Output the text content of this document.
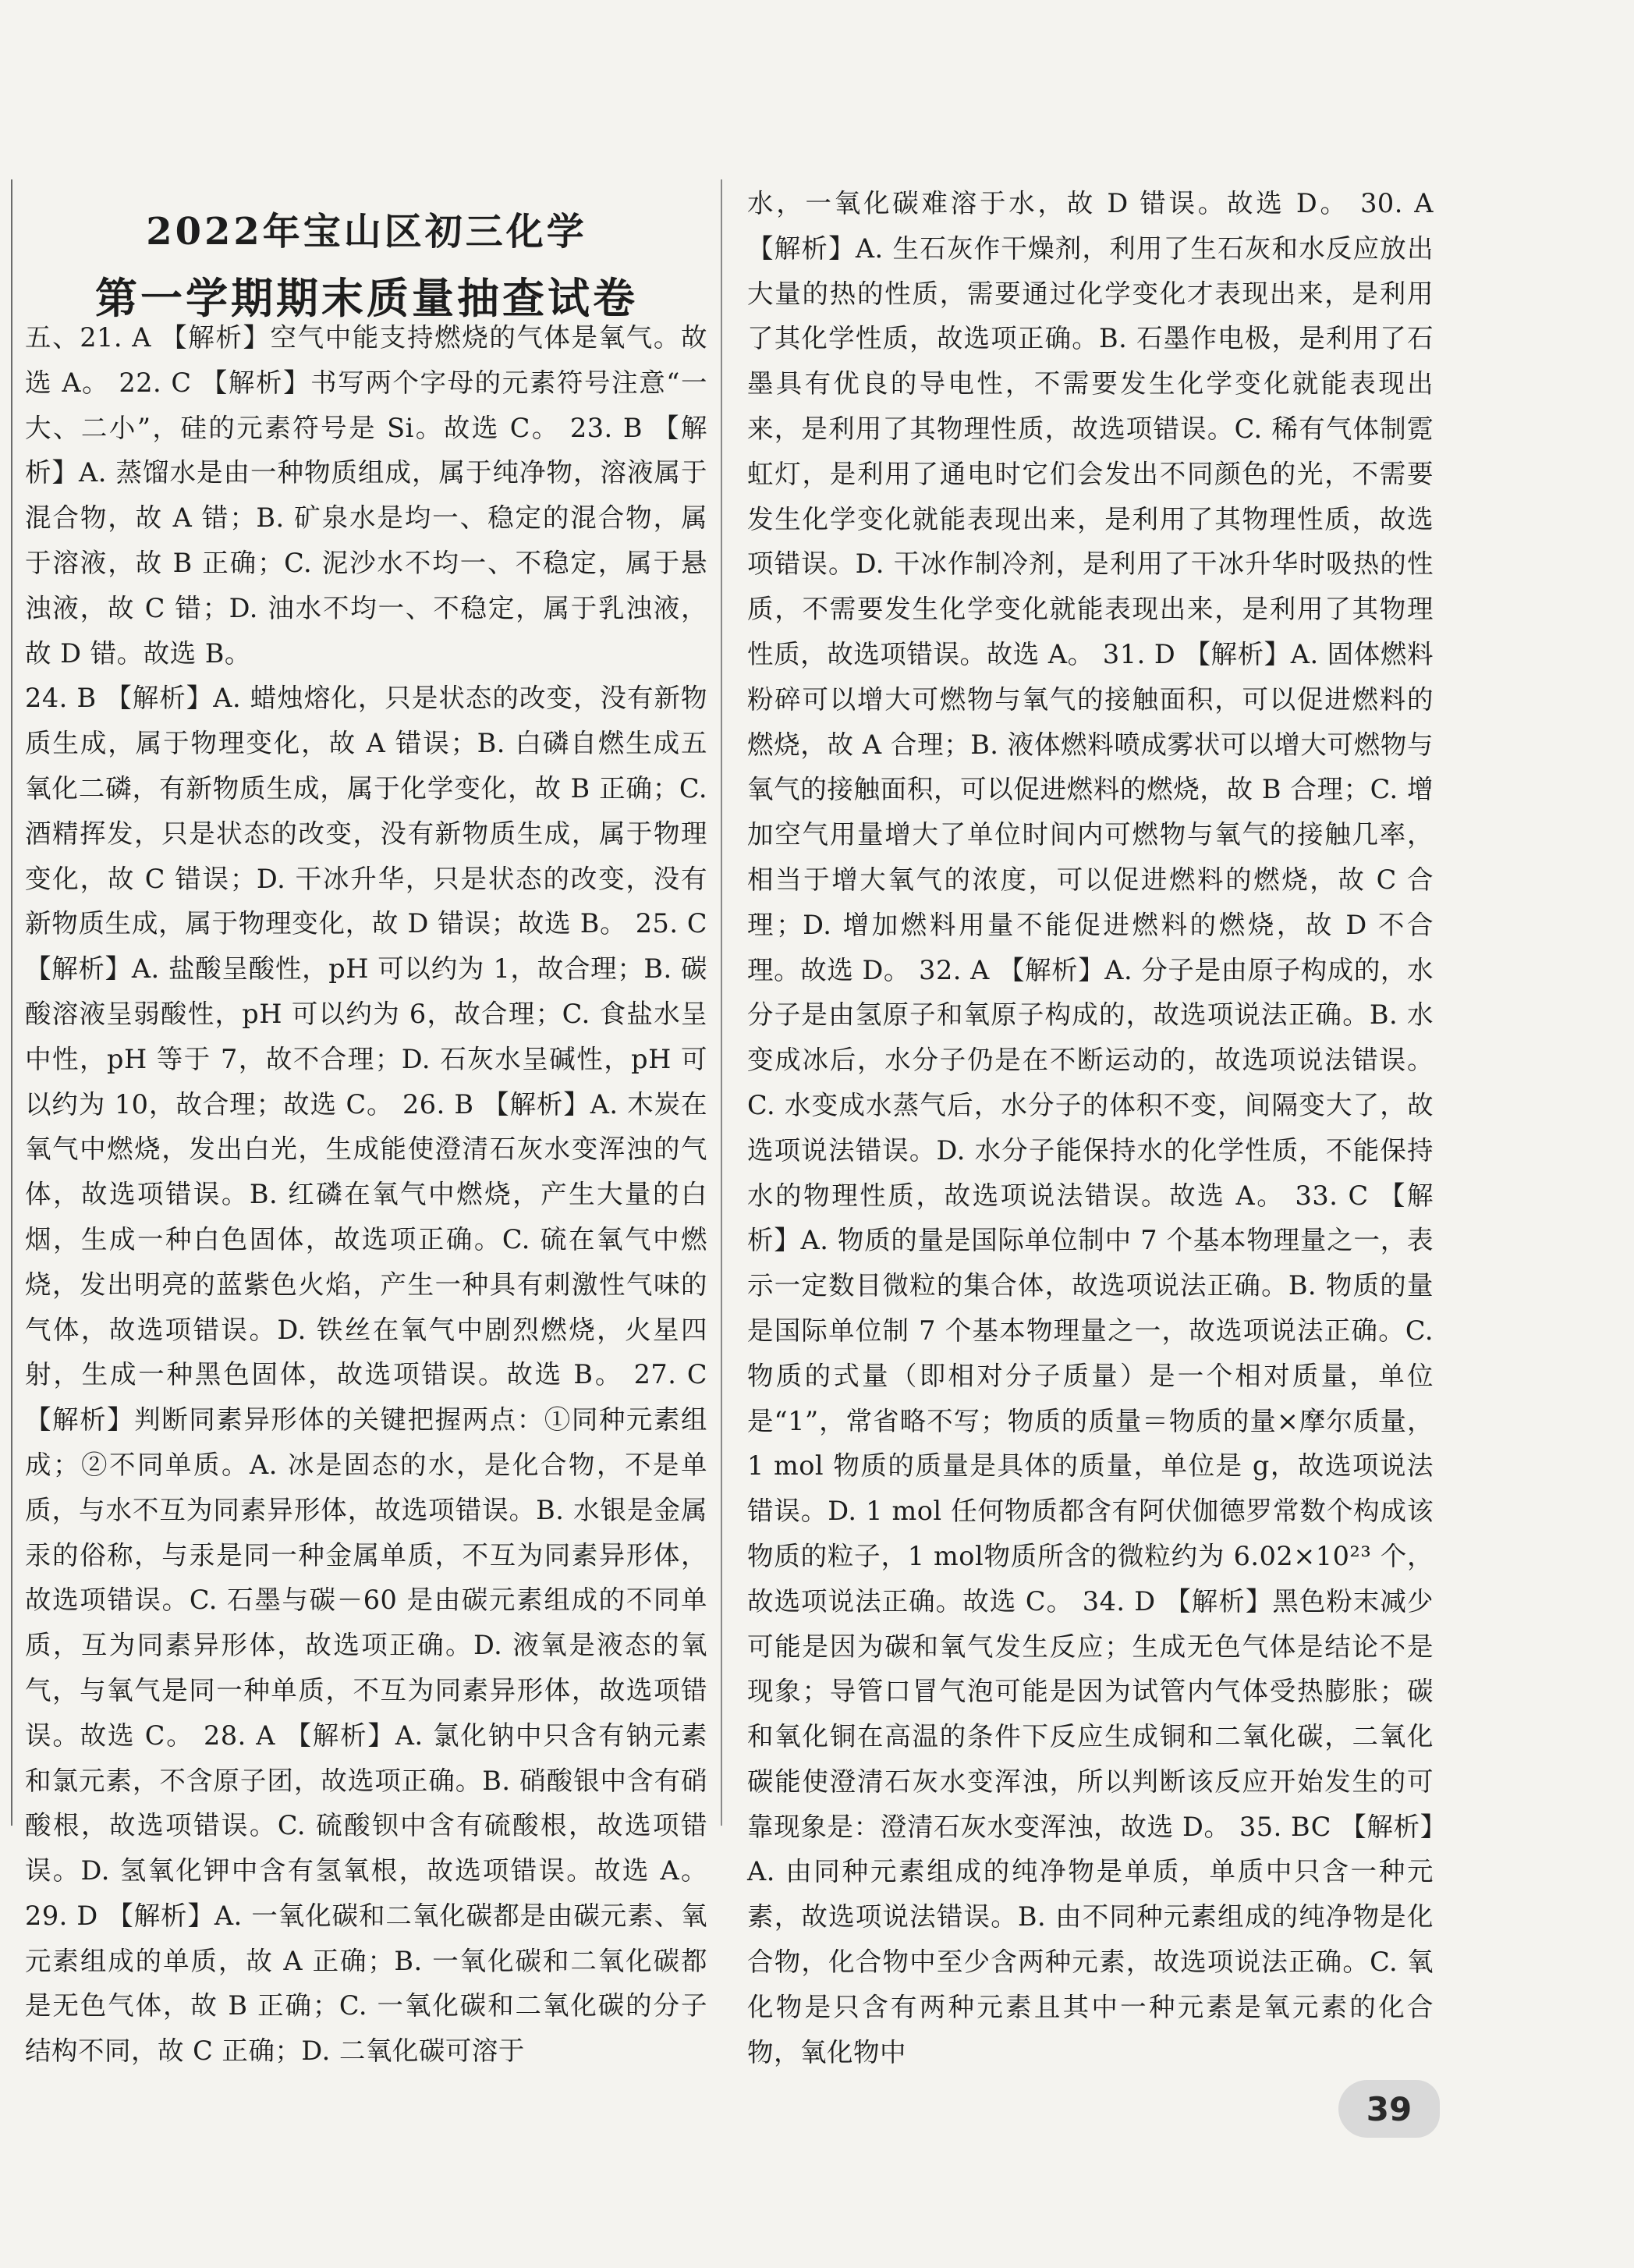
2022年宝山区初三化学
第一学期期末质量抽查试卷

五、21. A 【解析】空气中能支持燃烧的气体是氧气。故选 A。 22. C 【解析】书写两个字母的元素符号注意“一大、二小”，硅的元素符号是 Si。故选 C。 23. B 【解析】A. 蒸馏水是由一种物质组成，属于纯净物，溶液属于混合物，故 A 错；B. 矿泉水是均一、稳定的混合物，属于溶液，故 B 正确；C. 泥沙水不均一、不稳定，属于悬浊液，故 C 错；D. 油水不均一、不稳定，属于乳浊液，故 D 错。故选 B。

24. B 【解析】A. 蜡烛熔化，只是状态的改变，没有新物质生成，属于物理变化，故 A 错误；B. 白磷自燃生成五氧化二磷，有新物质生成，属于化学变化，故 B 正确；C. 酒精挥发，只是状态的改变，没有新物质生成，属于物理变化，故 C 错误；D. 干冰升华，只是状态的改变，没有新物质生成，属于物理变化，故 D 错误；故选 B。 25. C 【解析】A. 盐酸呈酸性，pH 可以约为 1，故合理；B. 碳酸溶液呈弱酸性，pH 可以约为 6，故合理；C. 食盐水呈中性，pH 等于 7，故不合理；D. 石灰水呈碱性，pH 可以约为 10，故合理；故选 C。 26. B 【解析】A. 木炭在氧气中燃烧，发出白光，生成能使澄清石灰水变浑浊的气体，故选项错误。B. 红磷在氧气中燃烧，产生大量的白烟，生成一种白色固体，故选项正确。C. 硫在氧气中燃烧，发出明亮的蓝紫色火焰，产生一种具有刺激性气味的气体，故选项错误。D. 铁丝在氧气中剧烈燃烧，火星四射，生成一种黑色固体，故选项错误。故选 B。 27. C 【解析】判断同素异形体的关键把握两点：①同种元素组成；②不同单质。A. 冰是固态的水，是化合物，不是单质，与水不互为同素异形体，故选项错误。B. 水银是金属汞的俗称，与汞是同一种金属单质，不互为同素异形体，故选项错误。C. 石墨与碳－60 是由碳元素组成的不同单质，互为同素异形体，故选项正确。D. 液氧是液态的氧气，与氧气是同一种单质，不互为同素异形体，故选项错误。故选 C。 28. A 【解析】A. 氯化钠中只含有钠元素和氯元素，不含原子团，故选项正确。B. 硝酸银中含有硝酸根，故选项错误。C. 硫酸钡中含有硫酸根，故选项错误。D. 氢氧化钾中含有氢氧根，故选项错误。故选 A。 29. D 【解析】A. 一氧化碳和二氧化碳都是由碳元素、氧元素组成的单质，故 A 正确；B. 一氧化碳和二氧化碳都是无色气体，故 B 正确；C. 一氧化碳和二氧化碳的分子结构不同，故 C 正确；D. 二氧化碳可溶于

水，一氧化碳难溶于水，故 D 错误。故选 D。 30. A 【解析】A. 生石灰作干燥剂，利用了生石灰和水反应放出大量的热的性质，需要通过化学变化才表现出来，是利用了其化学性质，故选项正确。B. 石墨作电极，是利用了石墨具有优良的导电性，不需要发生化学变化就能表现出来，是利用了其物理性质，故选项错误。C. 稀有气体制霓虹灯，是利用了通电时它们会发出不同颜色的光，不需要发生化学变化就能表现出来，是利用了其物理性质，故选项错误。D. 干冰作制冷剂，是利用了干冰升华时吸热的性质，不需要发生化学变化就能表现出来，是利用了其物理性质，故选项错误。故选 A。 31. D 【解析】A. 固体燃料粉碎可以增大可燃物与氧气的接触面积，可以促进燃料的燃烧，故 A 合理；B. 液体燃料喷成雾状可以增大可燃物与氧气的接触面积，可以促进燃料的燃烧，故 B 合理；C. 增加空气用量增大了单位时间内可燃物与氧气的接触几率，相当于增大氧气的浓度，可以促进燃料的燃烧，故 C 合理；D. 增加燃料用量不能促进燃料的燃烧，故 D 不合理。故选 D。 32. A 【解析】A. 分子是由原子构成的，水分子是由氢原子和氧原子构成的，故选项说法正确。B. 水变成冰后，水分子仍是在不断运动的，故选项说法错误。C. 水变成水蒸气后，水分子的体积不变，间隔变大了，故选项说法错误。D. 水分子能保持水的化学性质，不能保持水的物理性质，故选项说法错误。故选 A。 33. C 【解析】A. 物质的量是国际单位制中 7 个基本物理量之一，表示一定数目微粒的集合体，故选项说法正确。B. 物质的量是国际单位制 7 个基本物理量之一，故选项说法正确。C. 物质的式量（即相对分子质量）是一个相对质量，单位是“1”，常省略不写；物质的质量＝物质的量×摩尔质量，1 mol 物质的质量是具体的质量，单位是 g，故选项说法错误。D. 1 mol 任何物质都含有阿伏伽德罗常数个构成该物质的粒子，1 mol物质所含的微粒约为 6.02×10²³ 个，故选项说法正确。故选 C。 34. D 【解析】黑色粉末减少可能是因为碳和氧气发生反应；生成无色气体是结论不是现象；导管口冒气泡可能是因为试管内气体受热膨胀；碳和氧化铜在高温的条件下反应生成铜和二氧化碳，二氧化碳能使澄清石灰水变浑浊，所以判断该反应开始发生的可靠现象是：澄清石灰水变浑浊，故选 D。 35. BC 【解析】A. 由同种元素组成的纯净物是单质，单质中只含一种元素，故选项说法错误。B. 由不同种元素组成的纯净物是化合物，化合物中至少含两种元素，故选项说法正确。C. 氧化物是只含有两种元素且其中一种元素是氧元素的化合物，氧化物中

39
